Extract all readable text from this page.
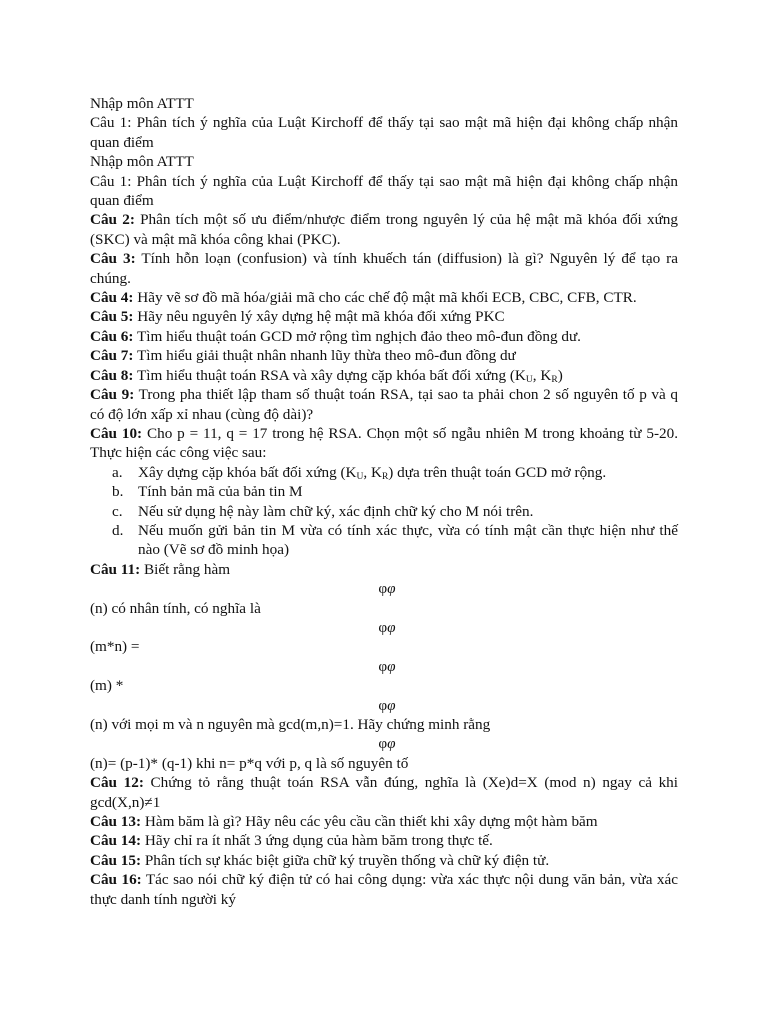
Nhập môn ATTT
Câu 1: Phân tích ý nghĩa của Luật Kirchoff để thấy tại sao mật mã hiện đại không chấp nhận quan điểm
Nhập môn ATTT
Câu 1: Phân tích ý nghĩa của Luật Kirchoff để thấy tại sao mật mã hiện đại không chấp nhận quan điểm
Câu 2: Phân tích một số ưu điểm/nhược điểm trong nguyên lý của hệ mật mã khóa đối xứng (SKC) và mật mã khóa công khai (PKC).
Câu 3: Tính hỗn loạn (confusion) và tính khuếch tán (diffusion) là gì? Nguyên lý để tạo ra chúng.
Câu 4: Hãy vẽ sơ đồ mã hóa/giải mã cho các chế độ mật mã khối ECB, CBC, CFB, CTR.
Câu 5: Hãy nêu nguyên lý xây dựng hệ mật mã khóa đối xứng PKC
Câu 6: Tìm hiểu thuật toán GCD mở rộng tìm nghịch đảo theo mô-đun đồng dư.
Câu 7: Tìm hiểu giải thuật nhân nhanh lũy thừa theo mô-đun đồng dư
Câu 8: Tìm hiểu thuật toán RSA và xây dựng cặp khóa bất đối xứng ($K_U$, $K_R$)
Câu 9: Trong pha thiết lập tham số thuật toán RSA, tại sao ta phải chon 2 số nguyên tố p và q có độ lớn xấp xỉ nhau (cùng độ dài)?
Câu 10: Cho p = 11, q = 17 trong hệ RSA. Chọn một số ngẫu nhiên M trong khoảng từ 5-20. Thực hiện các công việc sau:
a.	Xây dựng cặp khóa bất đối xứng ($K_U$, $K_R$) dựa trên thuật toán GCD mở rộng.
b. Tính bản mã của bản tin M
c.	Nếu sử dụng hệ này làm chữ ký, xác định chữ ký cho M nói trên.
d. Nếu muốn gửi bản tin M vừa có tính xác thực, vừa có tính mật cần thực hiện như thế nào (Vẽ sơ đồ minh họa)
Câu 11: Biết rằng hàm
φφ
(n) có nhân tính, có nghĩa là
φφ
(m*n) =
φφ
(m) *
φφ
(n) với mọi m và n nguyên mà gcd(m,n)=1. Hãy chứng minh rằng
φφ
(n)= (p-1)* (q-1) khi n= p*q với p, q là số nguyên tố
Câu 12: Chứng tỏ rằng thuật toán RSA vẫn đúng, nghĩa là (Xe)d=X (mod n) ngay cả khi gcd(X,n)≠1
Câu 13: Hàm băm là gì? Hãy nêu các yêu cầu cần thiết khi xây dựng một hàm băm
Câu 14: Hãy chỉ ra ít nhất 3 ứng dụng của hàm băm trong thực tế.
Câu 15: Phân tích sự khác biệt giữa chữ ký truyền thống và chữ ký điện tử.
Câu 16: Tác sao nói chữ ký điện tử có hai công dụng: vừa xác thực nội dung văn bản, vừa xác thực danh tính người ký
